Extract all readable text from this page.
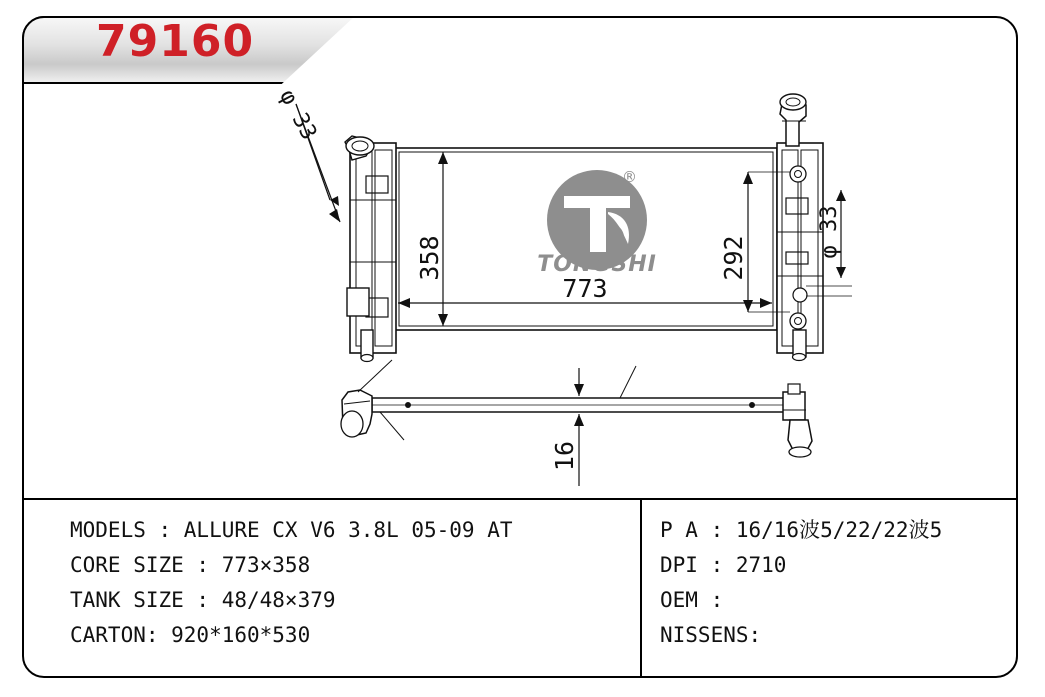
358
773
292
φ 33
φ 33
16
TONGSHI
®
79160
MODELS : ALLURE CX V6 3.8L 05-09 AT
CORE SIZE : 773×358
TANK SIZE : 48/48×379
CARTON: 920*160*530
P A : 16/16波5/22/22波5
DPI : 2710
OEM :
NISSENS:
